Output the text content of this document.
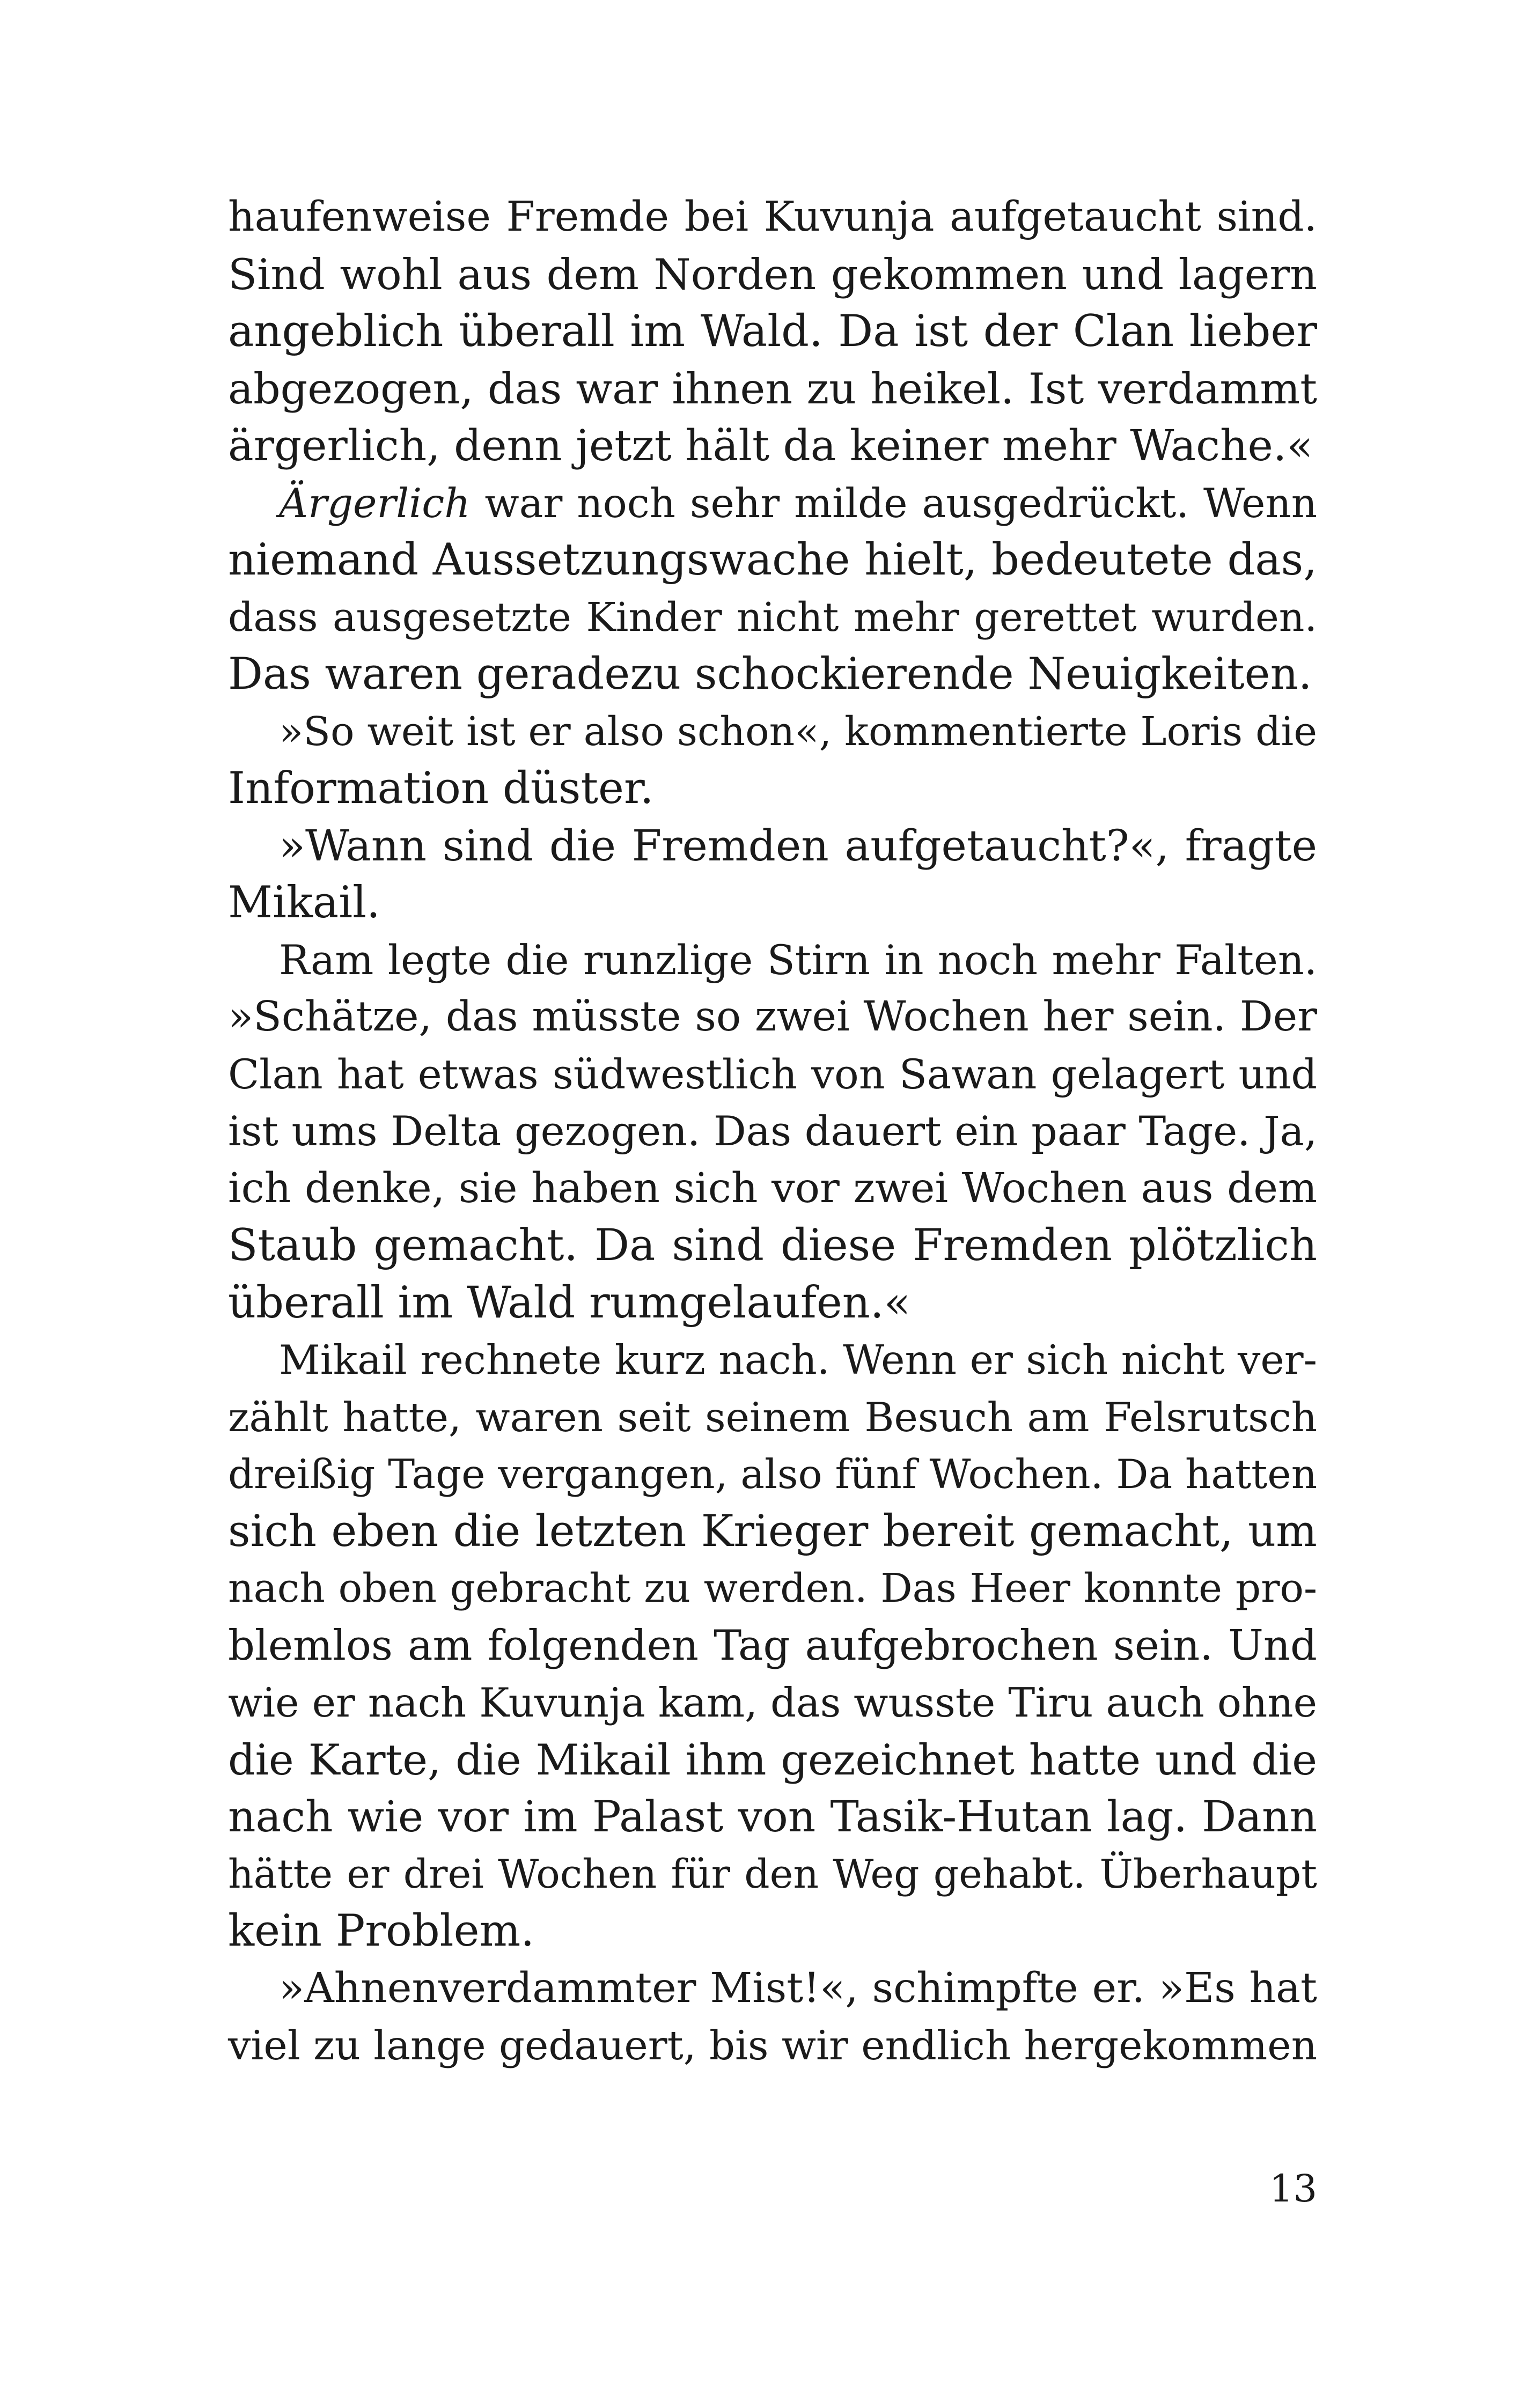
haufenweise Fremde bei Kuvunja aufgetaucht sind.
Sind wohl aus dem Norden gekommen und lagern
angeblich überall im Wald. Da ist der Clan lieber
abgezogen, das war ihnen zu heikel. Ist verdammt
ärgerlich, denn jetzt hält da keiner mehr Wache.«
Ärgerlich war noch sehr milde ausgedrückt. Wenn
niemand Aussetzungswache hielt, bedeutete das,
dass ausgesetzte Kinder nicht mehr gerettet wurden.
Das waren geradezu schockierende Neuigkeiten.
»So weit ist er also schon«, kommentierte Loris die
Information düster.
»Wann sind die Fremden aufgetaucht?«, fragte
Mikail.
Ram legte die runzlige Stirn in noch mehr Falten.
»Schätze, das müsste so zwei Wochen her sein. Der
Clan hat etwas südwestlich von Sawan gelagert und
ist ums Delta gezogen. Das dauert ein paar Tage. Ja,
ich denke, sie haben sich vor zwei Wochen aus dem
Staub gemacht. Da sind diese Fremden plötzlich
überall im Wald rumgelaufen.«
Mikail rechnete kurz nach. Wenn er sich nicht ver-
zählt hatte, waren seit seinem Besuch am Felsrutsch
dreißig Tage vergangen, also fünf Wochen. Da hatten
sich eben die letzten Krieger bereit gemacht, um
nach oben gebracht zu werden. Das Heer konnte pro-
blemlos am folgenden Tag aufgebrochen sein. Und
wie er nach Kuvunja kam, das wusste Tiru auch ohne
die Karte, die Mikail ihm gezeichnet hatte und die
nach wie vor im Palast von Tasik-Hutan lag. Dann
hätte er drei Wochen für den Weg gehabt. Überhaupt
kein Problem.
»Ahnenverdammter Mist!«, schimpfte er. »Es hat
viel zu lange gedauert, bis wir endlich hergekommen
13
